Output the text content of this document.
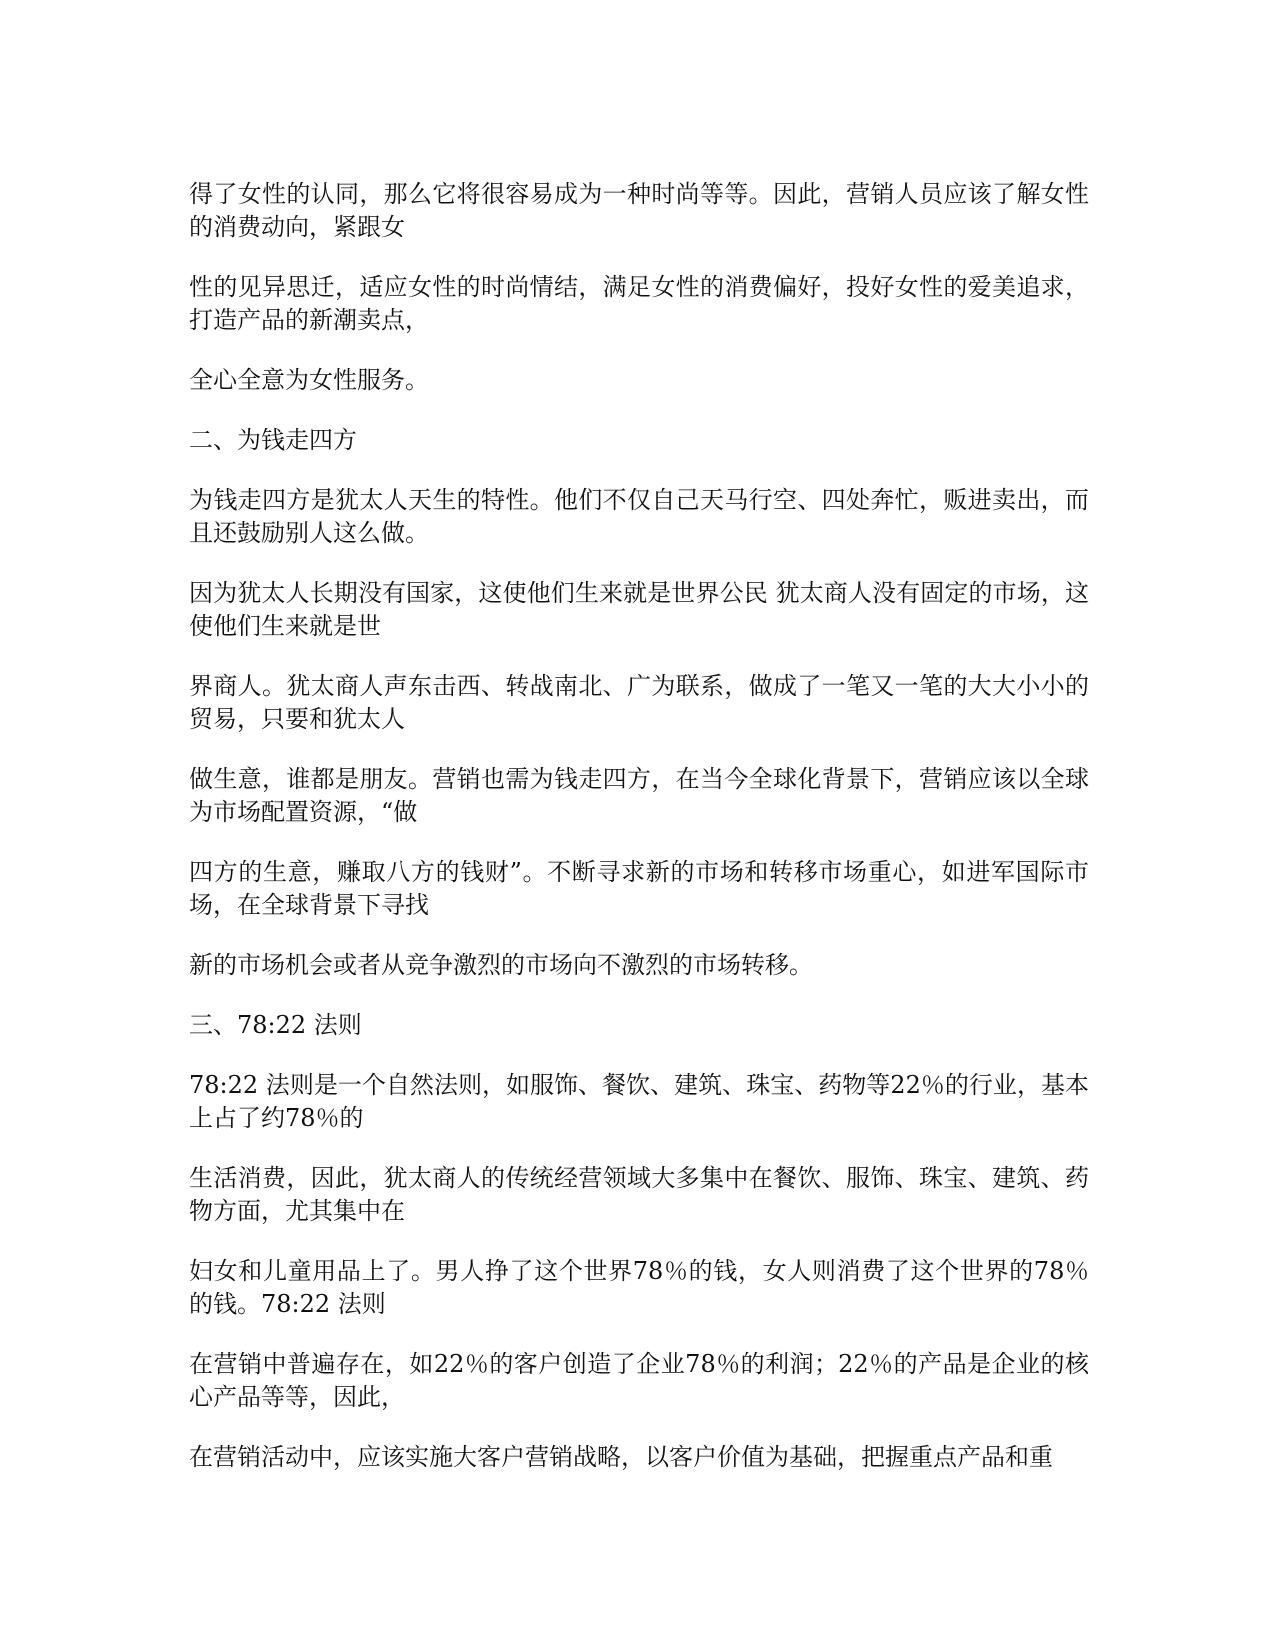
得了女性的认同，那么它将很容易成为一种时尚等等。因此，营销人员应该了解女性的消费动向，紧跟女

性的见异思迁，适应女性的时尚情结，满足女性的消费偏好，投好女性的爱美追求，打造产品的新潮卖点，

全心全意为女性服务。

二、为钱走四方

为钱走四方是犹太人天生的特性。他们不仅自己天马行空、四处奔忙，贩进卖出，而且还鼓励别人这么做。

因为犹太人长期没有国家，这使他们生来就是世界公民 犹太商人没有固定的市场，这使他们生来就是世

界商人。犹太商人声东击西、转战南北、广为联系，做成了一笔又一笔的大大小小的贸易，只要和犹太人

做生意，谁都是朋友。营销也需为钱走四方，在当今全球化背景下，营销应该以全球为市场配置资源，“做

四方的生意，赚取八方的钱财”。不断寻求新的市场和转移市场重心，如进军国际市场，在全球背景下寻找

新的市场机会或者从竞争激烈的市场向不激烈的市场转移。

三、78:22 法则

78:22 法则是一个自然法则，如服饰、餐饮、建筑、珠宝、药物等22％的行业，基本上占了约78％的

生活消费，因此，犹太商人的传统经营领域大多集中在餐饮、服饰、珠宝、建筑、药物方面，尤其集中在

妇女和儿童用品上了。男人挣了这个世界78％的钱，女人则消费了这个世界的78％的钱。78:22 法则

在营销中普遍存在，如22％的客户创造了企业78％的利润；22％的产品是企业的核心产品等等，因此，

在营销活动中，应该实施大客户营销战略，以客户价值为基础，把握重点产品和重
